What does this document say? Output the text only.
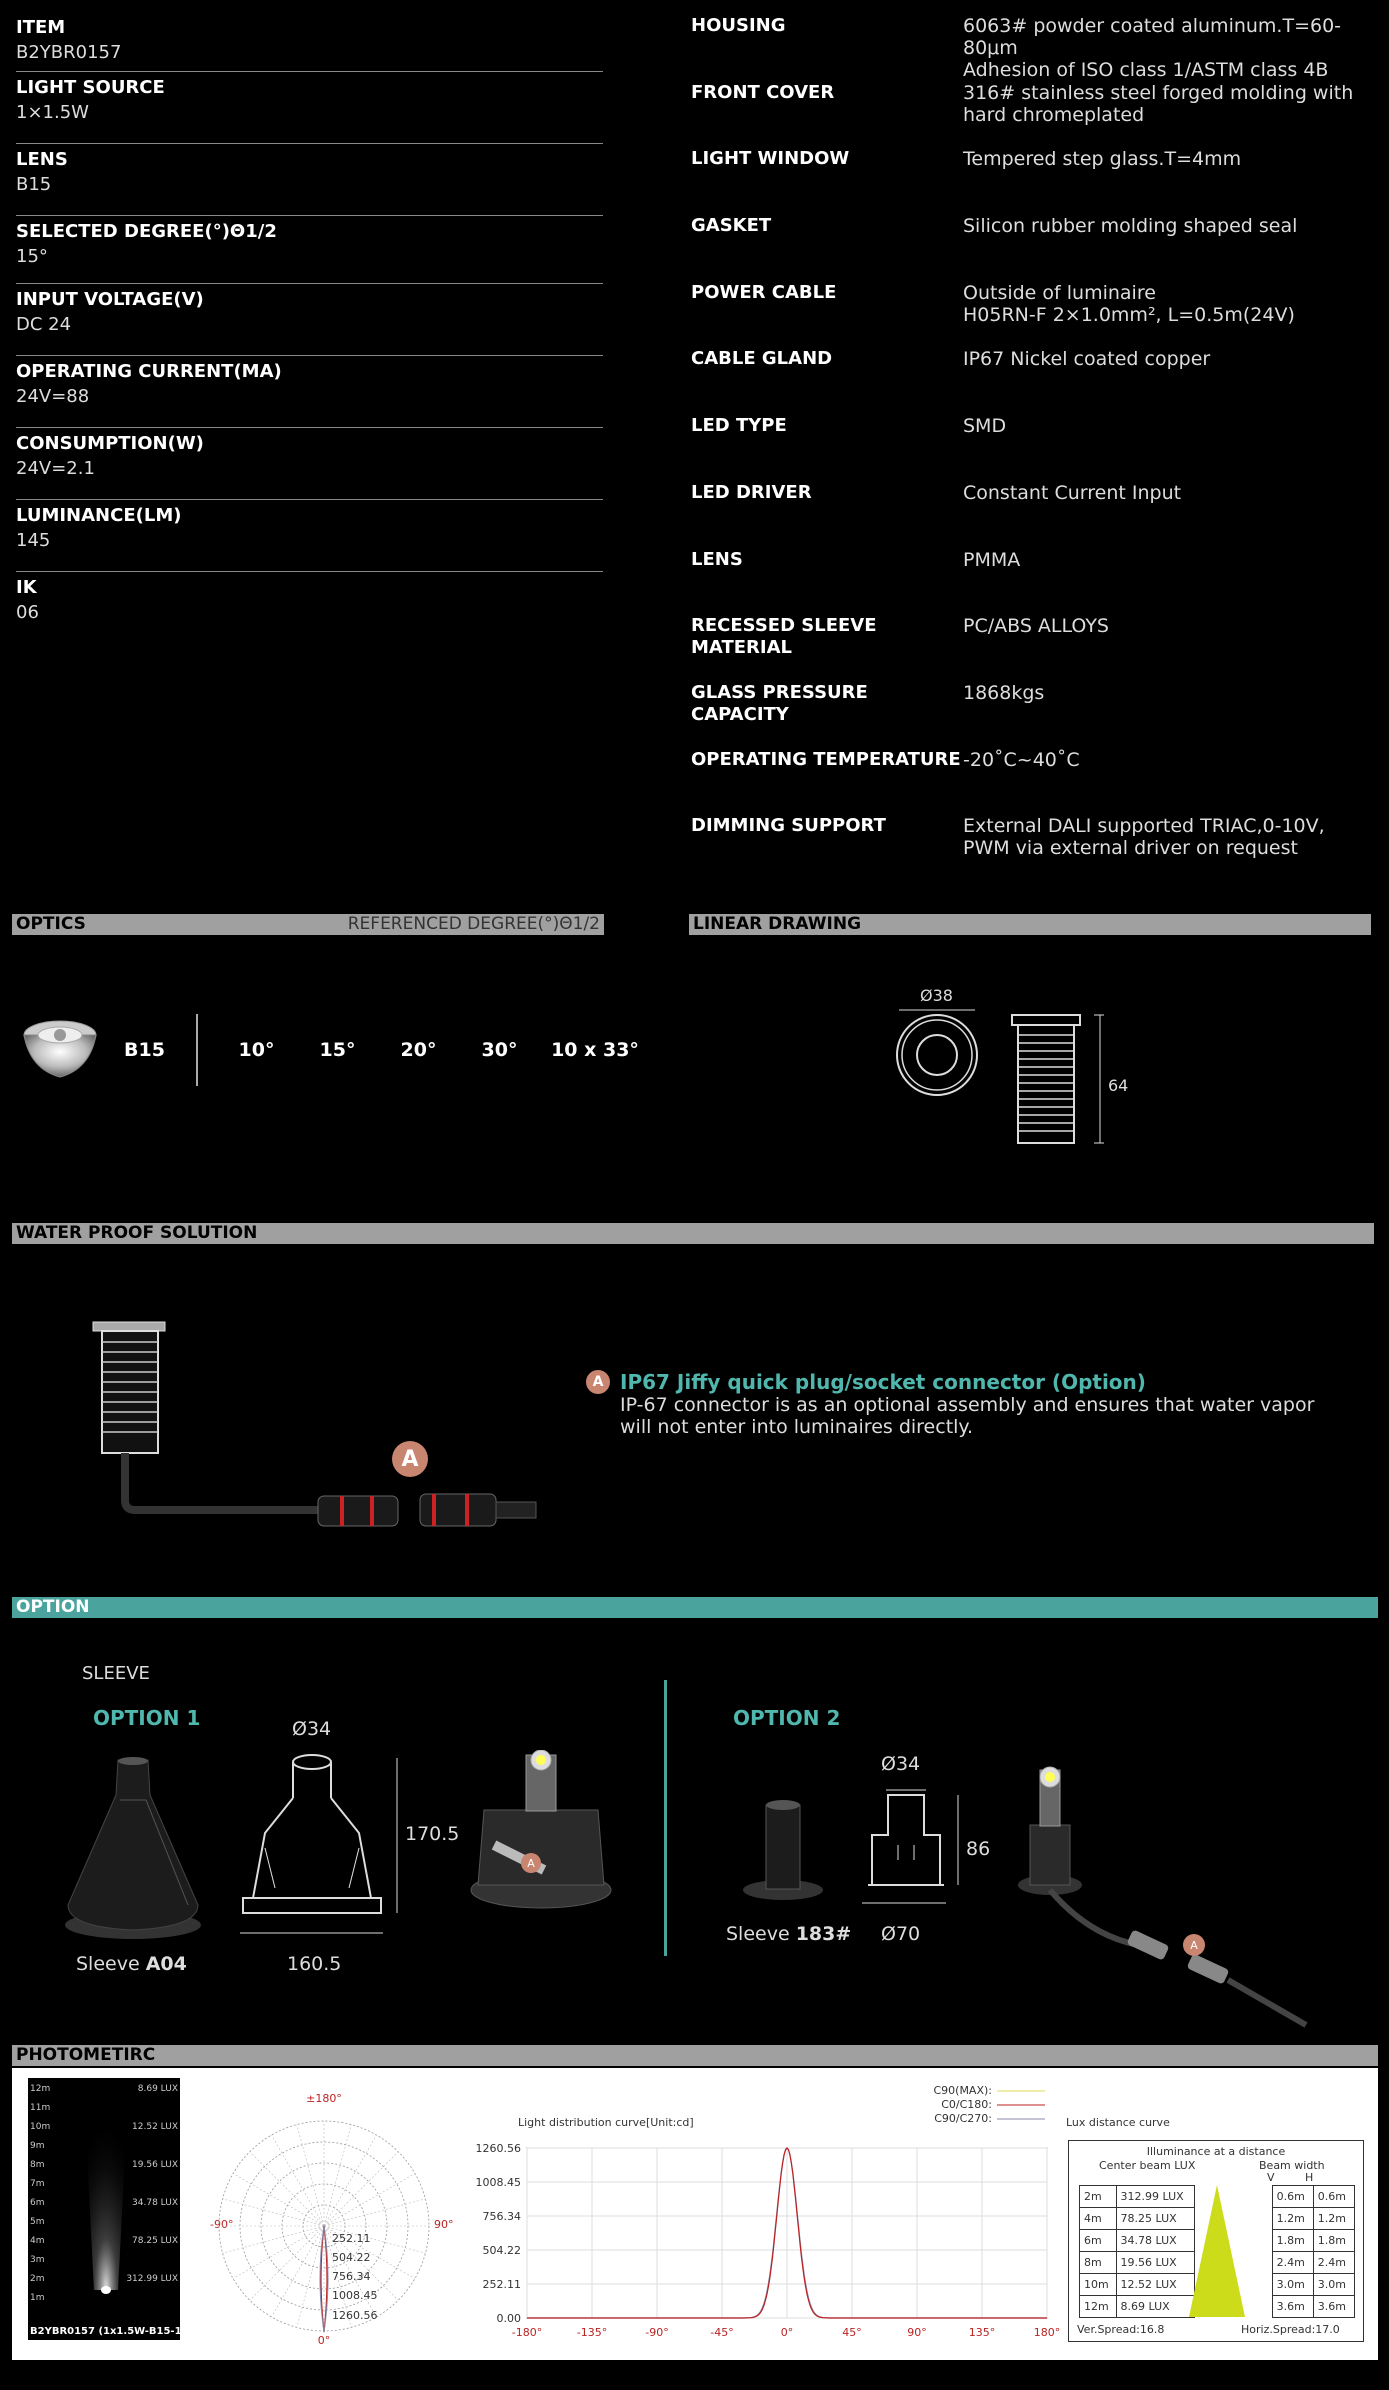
ITEM
B2YBR0157
LIGHT SOURCE
1×1.5W
LENS
B15
SELECTED DEGREE(°)Θ1/2
15°
INPUT VOLTAGE(V)
DC 24
OPERATING CURRENT(MA)
24V=88
CONSUMPTION(W)
24V=2.1
LUMINANCE(LM)
145
IK
06
HOUSING	6063# powder coated aluminum.T=60-80μm
Adhesion of ISO class 1/ASTM class 4B
FRONT COVER	316# stainless steel forged molding with
hard chromeplated
LIGHT WINDOW	Tempered step glass.T=4mm
GASKET	Silicon rubber molding shaped seal
POWER CABLE	Outside of luminaire
H05RN-F 2×1.0mm², L=0.5m(24V)
CABLE GLAND	IP67 Nickel coated copper
LED TYPE	SMD
LED DRIVER	Constant Current Input
LENS	PMMA
RECESSED SLEEVE MATERIAL
PC/ABS ALLOYS
GLASS PRESSURE CAPACITY
1868kgs
OPERATING TEMPERATURE -20˚C~40˚C
DIMMING SUPPORT	External DALI supported TRIAC,0-10V,
PWM via external driver on request
OPTICS	REFERENCED DEGREE(°)Θ1/2
B15	10°	15°	20°	30°	10 x 33°
LINEAR DRAWING
Ø38
64
WATER PROOF SOLUTION
A
A IP67 Jiffy quick plug/socket connector (Option)
IP-67 connector is as an optional assembly and ensures that water vapor
will not enter into luminaires directly.
OPTION
SLEEVE
OPTION 1	OPTION 2
Sleeve A04
Ø34
170.5
160.5
A
Sleeve 183#
Ø34
86
Ø70
A
PHOTOMETIRC
12m	8.69 LUX
11m
10m	12.52 LUX
9m
8m	19.56 LUX
7m
6m	34.78 LUX
5m
4m	78.25 LUX
3m
2m	312.99 LUX
1m
B2YBR0157 (1x1.5W-B15-15°)
±180°
-90°	90°
0°
252.11
504.22
756.34
1008.45
1260.56
Light distribution curve[Unit:cd]
C90(MAX):
C0/C180:
C90/C270:
1260.56
1008.45
756.34
504.22
252.11
0.00
-180°	-135°	-90°	-45°	0°	45°	90°	135°	180°
Lux distance curve
Illuminance at a distance
Center beam LUX	Beam width
V	H
2m	312.99 LUX		0.6m	0.6m
4m	78.25 LUX		1.2m	1.2m
6m	34.78 LUX		1.8m	1.8m
8m	19.56 LUX		2.4m	2.4m
10m	12.52 LUX		3.0m	3.0m
12m	8.69 LUX		3.6m	3.6m
Ver.Spread:16.8	Horiz.Spread:17.0
